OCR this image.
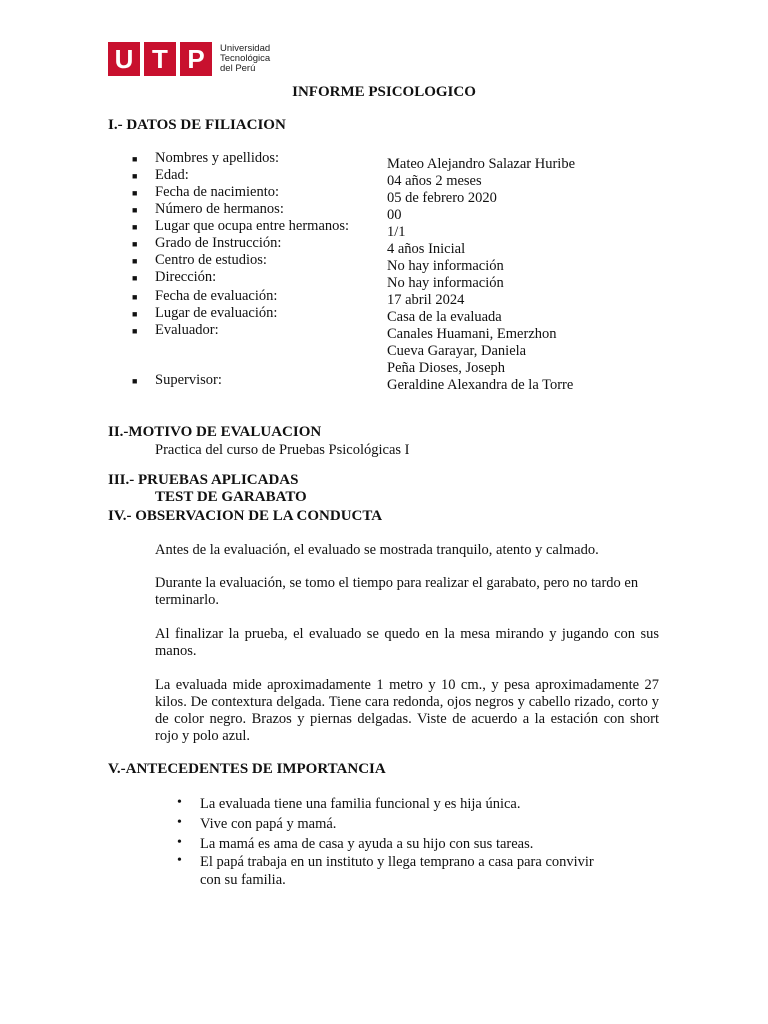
U T P	Universidad
Tecnológica
del Perú
INFORME PSICOLOGICO
I.- DATOS DE FILIACION
■ Nombres y apellidos:
■ Edad:
■ Fecha de nacimiento:
■ Número de hermanos:
■ Lugar que ocupa entre hermanos:
■ Grado de Instrucción:
■ Centro de estudios:
■ Dirección:
■ Fecha de evaluación:
■ Lugar de evaluación:
■ Evaluador:
■ Supervisor:
Mateo Alejandro Salazar Huribe
04 años 2 meses
05 de febrero 2020
00
1/1
4 años Inicial
No hay información
No hay información
17 abril 2024
Casa de la evaluada
Canales Huamani, Emerzhon
Cueva Garayar, Daniela
Peña Dioses, Joseph
Geraldine Alexandra de la Torre
II.-MOTIVO DE EVALUACION
Practica del curso de Pruebas Psicológicas I
III.- PRUEBAS APLICADAS
TEST DE GARABATO
IV.- OBSERVACION DE LA CONDUCTA
Antes de la evaluación, el evaluado se mostrada tranquilo, atento y calmado.
Durante la evaluación, se tomo el tiempo para realizar el garabato, pero no tardo en terminarlo.
Al finalizar la prueba, el evaluado se quedo en la mesa mirando y jugando con sus manos.
La evaluada mide aproximadamente 1 metro y 10 cm., y pesa aproximadamente 27 kilos. De contextura delgada. Tiene cara redonda, ojos negros y cabello rizado, corto y de color negro. Brazos y piernas delgadas. Viste de acuerdo a la estación con short rojo y polo azul.
V.-ANTECEDENTES DE IMPORTANCIA
• La evaluada tiene una familia funcional y es hija única.
• Vive con papá y mamá.
• La mamá es ama de casa y ayuda a su hijo con sus tareas.
• El papá trabaja en un instituto y llega temprano a casa para convivir
con su familia.
